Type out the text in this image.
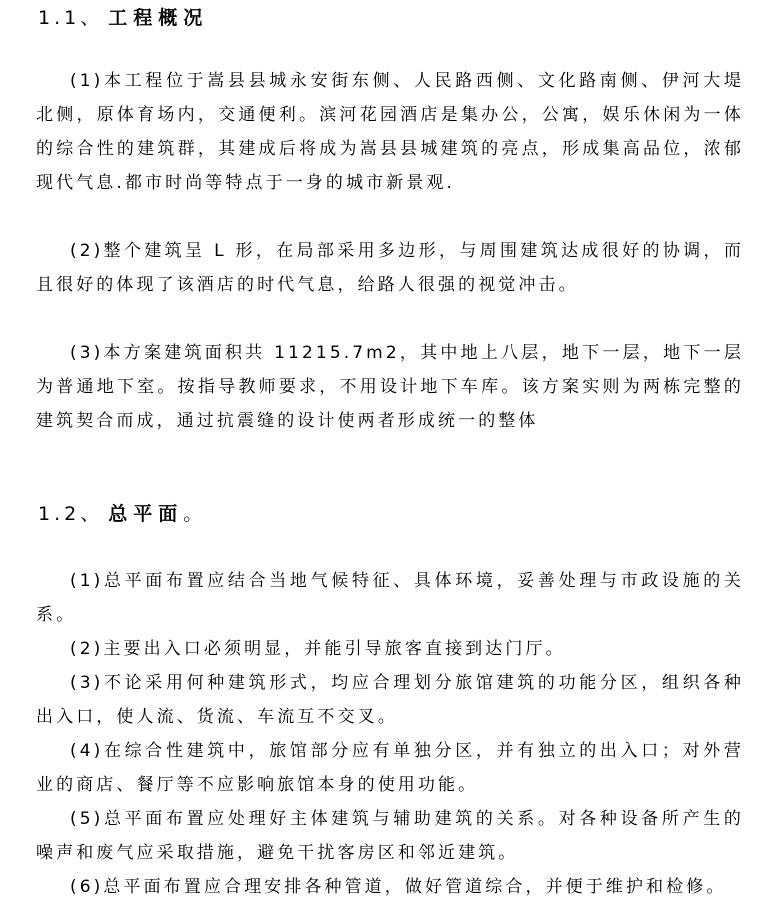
1.1、 工程概况

(1)本工程位于嵩县县城永安街东侧、人民路西侧、文化路南侧、伊河大堤北侧，原体育场内，交通便利。滨河花园酒店是集办公，公寓，娱乐休闲为一体的综合性的建筑群，其建成后将成为嵩县县城建筑的亮点，形成集高品位，浓郁现代气息.都市时尚等特点于一身的城市新景观.

(2)整个建筑呈 L 形，在局部采用多边形，与周围建筑达成很好的协调，而且很好的体现了该酒店的时代气息，给路人很强的视觉冲击。

(3)本方案建筑面积共 11215.7m2，其中地上八层，地下一层，地下一层为普通地下室。按指导教师要求，不用设计地下车库。该方案实则为两栋完整的建筑契合而成，通过抗震缝的设计使两者形成统一的整体

1.2、 总平面。

(1)总平面布置应结合当地气候特征、具体环境，妥善处理与市政设施的关系。

(2)主要出入口必须明显，并能引导旅客直接到达门厅。

(3)不论采用何种建筑形式，均应合理划分旅馆建筑的功能分区，组织各种出入口，使人流、货流、车流互不交叉。

(4)在综合性建筑中，旅馆部分应有单独分区，并有独立的出入口；对外营业的商店、餐厅等不应影响旅馆本身的使用功能。

(5)总平面布置应处理好主体建筑与辅助建筑的关系。对各种设备所产生的噪声和废气应采取措施，避免干扰客房区和邻近建筑。

(6)总平面布置应合理安排各种管道，做好管道综合，并便于维护和检修。
